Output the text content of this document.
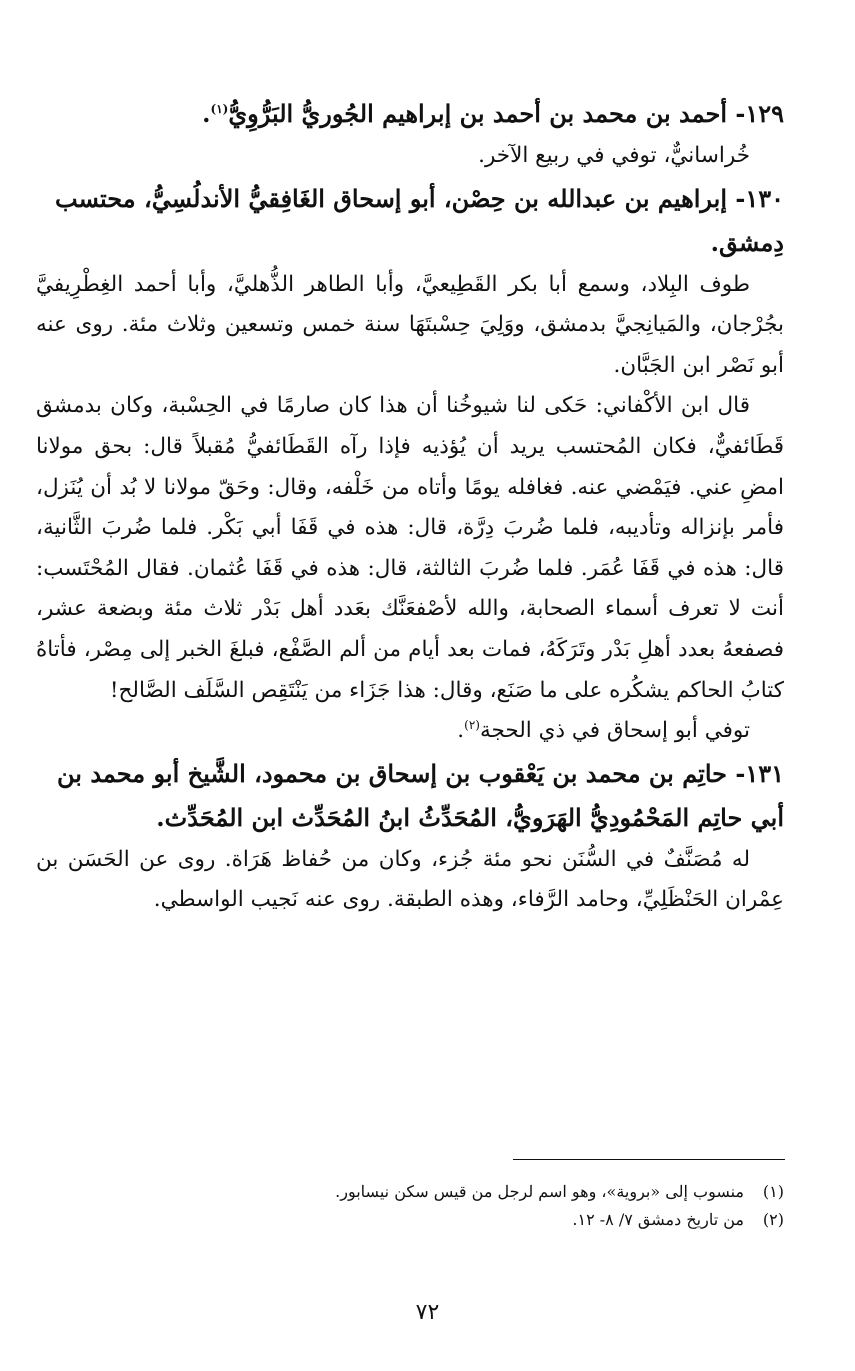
١٢٩- أحمد بن محمد بن أحمد بن إبراهيم الجُوريُّ البَرُّوِيُّ$^{(١)}$.

خُراسانيٌّ، توفي في ربيع الآخر.

١٣٠- إبراهيم بن عبدالله بن حِصْن، أبو إسحاق الغَافِقيُّ الأندلُسِيُّ، محتسب دِمشق.

طوف البِلاد، وسمع أبا بكر القَطِيعيَّ، وأبا الطاهر الذُّهليَّ، وأبا أحمد الغِطْرِيفيَّ بجُرْجان، والمَيانِجيَّ بدمشق، ووَلِيَ حِسْبتَهَا سنة خمس وتسعين وثلاث مئة. روى عنه أبو نَصْر ابن الجَبَّان.

قال ابن الأكْفاني: حَكى لنا شيوخُنا أن هذا كان صارمًا في الحِسْبة، وكان بدمشق قَطَائفيٌّ، فكان المُحتسب يريد أن يُؤذيه فإذا رآه القَطَائفيُّ مُقبلاً قال: بحق مولانا امضِ عني. فيَمْضي عنه. فغافله يومًا وأتاه من خَلْفه، وقال: وحَقّ مولانا لا بُد أن يُنَزل، فأمر بإنزاله وتأديبه، فلما ضُربَ دِرَّة، قال: هذه في قَفَا أبي بَكْر. فلما ضُربَ الثَّانية، قال: هذه في قَفَا عُمَر. فلما ضُربَ الثالثة، قال: هذه في قَفَا عُثمان. فقال المُحْتَسب: أنت لا تعرف أسماء الصحابة، والله لأصْفعَنَّك بعَدد أهل بَدْر ثلاث مئة وبضعة عشر، فصفعهُ بعدد أهلِ بَدْر وتَرَكَهُ، فمات بعد أيام من ألم الصَّفْع، فبلغَ الخبر إلى مِصْر، فأتاهُ كتابُ الحاكم يشكُره على ما صَنَع، وقال: هذا جَزَاء من يَنْتَقِص السَّلَف الصَّالح!

توفي أبو إسحاق في ذي الحجة$^{(٢)}$.

١٣١- حاتِم بن محمد بن يَعْقوب بن إسحاق بن محمود، الشَّيخ أبو محمد بن أبي حاتِم المَحْمُودِيُّ الهَرَويُّ، المُحَدِّثُ ابنُ المُحَدِّث ابن المُحَدِّث.

له مُصَنَّفٌ في السُّنَن نحو مئة جُزء، وكان من حُفاظ هَرَاة. روى عن الحَسَن بن عِمْران الحَنْظَلِيِّ، وحامد الرَّفاء، وهذه الطبقة. روى عنه نَجيب الواسطي.

(١)منسوب إلى «بروية»، وهو اسم لرجل من قيس سكن نيسابور.
(٢)من تاريخ دمشق ٧/ ٨- ١٢.
٧٢
